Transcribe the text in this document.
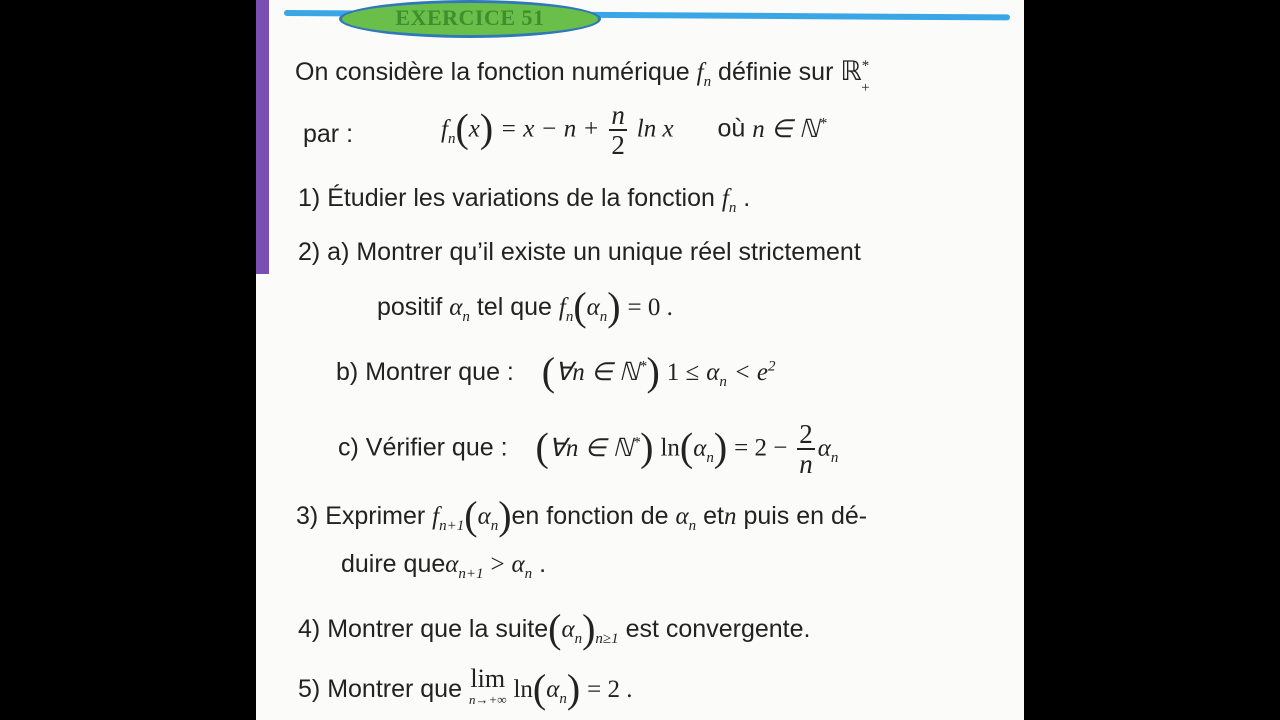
EXERCICE 51
On considère la fonction numérique $f_n$ définie sur ℝ*$_+$
par :	$f_n(x) = x - n + \frac{n}{2}$ ln x où n ∈ ℕ*
1) Étudier les variations de la fonction $f_n$ .
2) a) Montrer qu’il existe un unique réel strictement
positif $\alpha_n$ tel que $f_n(\alpha_n) = 0$ .
b) Montrer que : (∀n ∈ ℕ*) $1 \le \alpha_n < e^2$
c) Vérifier que : (∀n ∈ ℕ*) $\ln(\alpha_n) = 2 - \frac{2}{n} \alpha_n$
3) Exprimer $f_{n+1}(\alpha_n)en$ fonction de $\alpha_n$ etn puis en dé-
duire $que\alpha_{n+1} > \alpha_n$ .
4) Montrer que la $suite(\alpha_n)_{n\ge 1}$ est convergente.
5) Montrer que lim
n→+∞ $\ln(\alpha_n) = 2$ .
